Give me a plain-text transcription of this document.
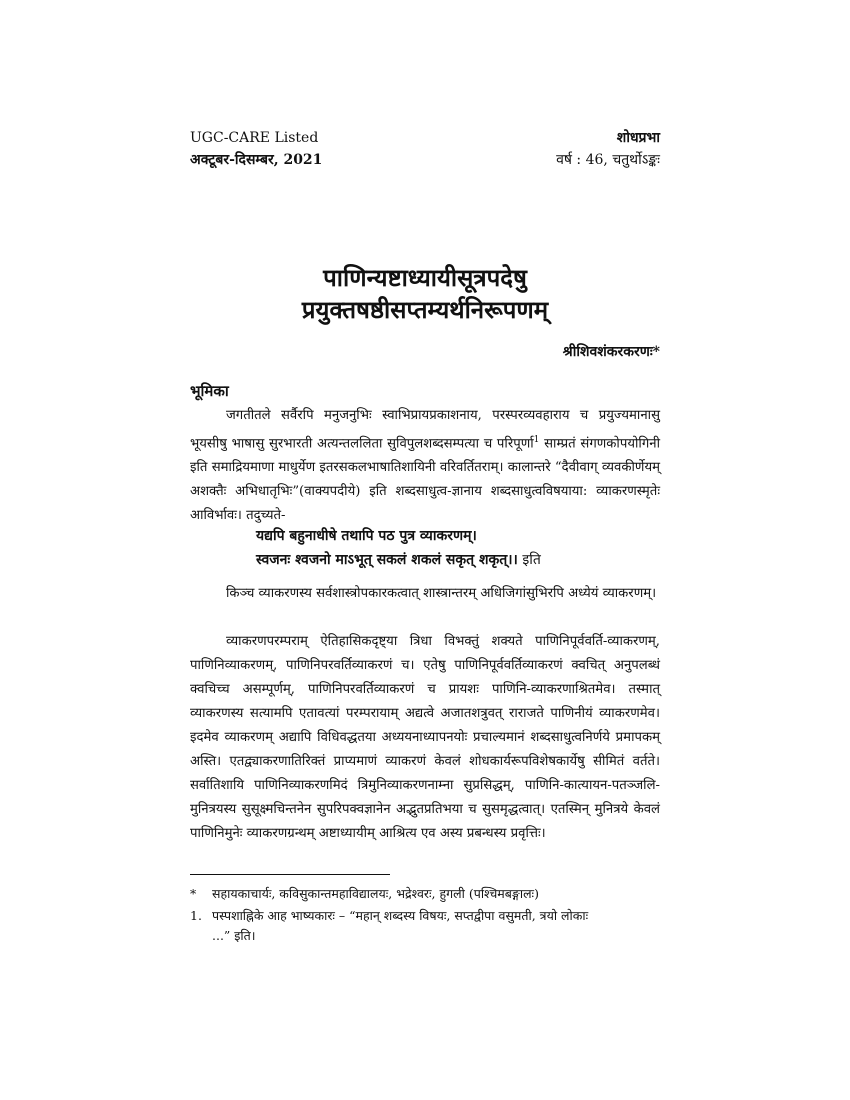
UGC-CARE Listed
अक्टूबर-दिसम्बर, 2021
शोधप्रभा
वर्ष : 46, चतुर्थोऽङ्कः
पाणिन्यष्टाध्यायीसूत्रपदेषु
प्रयुक्तषष्ठीसप्तम्यर्थनिरूपणम्
श्रीशिवशंकरकरणः*
भूमिका

जगतीतले सर्वैरपि मनुजनुभिः स्वाभिप्रायप्रकाशनाय, परस्परव्यवहाराय च प्रयुज्यमानासु भूयसीषु भाषासु सुरभारती अत्यन्तललिता सुविपुलशब्दसम्पत्या च परिपूर्णा$^1$ साम्प्रतं संगणकोपयोगिनी इति समाद्रियमाणा माधुर्येण इतरसकलभाषातिशायिनी वरिवर्तितराम्। कालान्तरे “दैवीवाग् व्यवकीर्णेयम् अशक्तैः अभिधातृभिः”(वाक्यपदीये) इति शब्दसाधुत्व-ज्ञानाय शब्दसाधुत्वविषयाया: व्याकरणस्मृतेः आविर्भावः। तदुच्यते-

यद्यपि बहुनाधीषे तथापि पठ पुत्र व्याकरणम्।
स्वजनः श्वजनो माऽभूत् सकलं शकलं सकृत् शकृत्।। इति

किञ्च व्याकरणस्य सर्वशास्त्रोपकारकत्वात् शास्त्रान्तरम् अधिजिगांसुभिरपि अध्येयं व्याकरणम्।

व्याकरणपरम्पराम् ऐतिहासिकदृष्ट्या त्रिधा विभक्तुं शक्यते पाणिनिपूर्ववर्ति-व्याकरणम्, पाणिनिव्याकरणम्, पाणिनिपरवर्तिव्याकरणं च। एतेषु पाणिनिपूर्ववर्तिव्याकरणं क्वचित् अनुपलब्धं क्वचिच्च असम्पूर्णम्, पाणिनिपरवर्तिव्याकरणं च प्रायशः पाणिनि-व्याकरणाश्रितमेव। तस्मात् व्याकरणस्य सत्यामपि एतावत्यां परम्परायाम् अद्यत्वे अजातशत्रुवत् राराजते पाणिनीयं व्याकरणमेव। इदमेव व्याकरणम् अद्यापि विधिवद्धतया अध्ययनाध्यापनयोः प्रचाल्यमानं शब्दसाधुत्वनिर्णये प्रमापकम् अस्ति। एतद्व्याकरणातिरिक्तं प्राप्यमाणं व्याकरणं केवलं शोधकार्यरूपविशेषकार्येषु सीमितं वर्तते। सर्वातिशायि पाणिनिव्याकरणमिदं त्रिमुनिव्याकरणनाम्ना सुप्रसिद्धम्, पाणिनि-कात्यायन-पतञ्जलि- मुनित्रयस्य सुसूक्ष्मचिन्तनेन सुपरिपक्वज्ञानेन अद्भुतप्रतिभया च सुसमृद्धत्वात्। एतस्मिन् मुनित्रये केवलं पाणिनिमुनेः व्याकरणग्रन्थम् अष्टाध्यायीम् आश्रित्य एव अस्य प्रबन्धस्य प्रवृत्तिः।

* सहायकाचार्यः, कविसुकान्तमहाविद्यालयः, भद्रेश्वरः, हुगली (पश्चिमबङ्गालः)
1. पस्पशाह्निके आह भाष्यकारः – “महान् शब्दस्य विषयः, सप्तद्वीपा वसुमती, त्रयो लोकाः
...” इति।
